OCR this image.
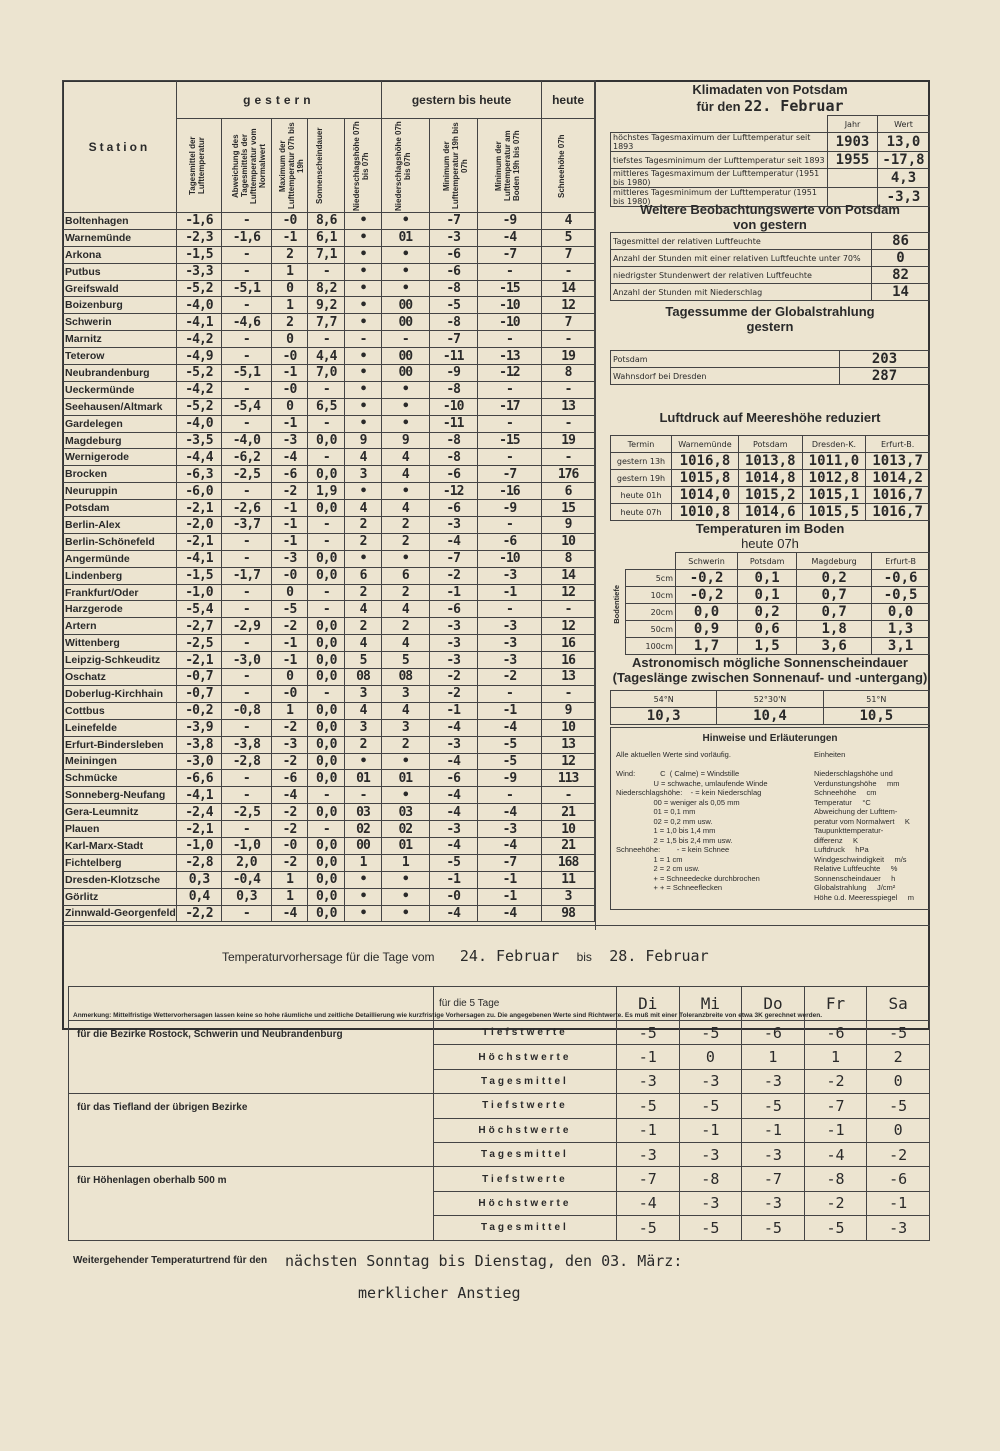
Station	gestern					gestern bis heute			heute

	Tagesmittel der Lufttemperatur	Abweichung des Tagesmittels der Lufttemperatur vom Normalwert	Maximum der Lufttemperatur 07h bis 19h	Sonnenscheindauer	Niederschlagshöhe 07h bis 07h	Niederschlagshöhe 07h bis 07h	Minimum der Lufttemperatur 19h bis 07h	Minimum der Lufttemperatur am Boden 19h bis 07h	Schneehöhe 07h

Boltenhagen	-1,6	-	-0	8,6	•	•	-7	-9	4
Warnemünde	-2,3	-1,6	-1	6,1	•	01	-3	-4	5
Arkona	-1,5	-	2	7,1	•	•	-6	-7	7
Putbus	-3,3	-	1	-	•	•	-6	-	-
Greifswald	-5,2	-5,1	0	8,2	•	•	-8	-15	14
Boizenburg	-4,0	-	1	9,2	•	00	-5	-10	12
Schwerin	-4,1	-4,6	2	7,7	•	00	-8	-10	7
Marnitz	-4,2	-	0	-	-	-	-7	-	-
Teterow	-4,9	-	-0	4,4	•	00	-11	-13	19
Neubrandenburg	-5,2	-5,1	-1	7,0	•	00	-9	-12	8
Ueckermünde	-4,2	-	-0	-	•	•	-8	-	-
Seehausen/Altmark	-5,2	-5,4	0	6,5	•	•	-10	-17	13
Gardelegen	-4,0	-	-1	-	•	•	-11	-	-
Magdeburg	-3,5	-4,0	-3	0,0	9	9	-8	-15	19
Wernigerode	-4,4	-6,2	-4	-	4	4	-8	-	-
Brocken	-6,3	-2,5	-6	0,0	3	4	-6	-7	176
Neuruppin	-6,0	-	-2	1,9	•	•	-12	-16	6
Potsdam	-2,1	-2,6	-1	0,0	4	4	-6	-9	15
Berlin-Alex	-2,0	-3,7	-1	-	2	2	-3	-	9
Berlin-Schönefeld	-2,1	-	-1	-	2	2	-4	-6	10
Angermünde	-4,1	-	-3	0,0	•	•	-7	-10	8
Lindenberg	-1,5	-1,7	-0	0,0	6	6	-2	-3	14
Frankfurt/Oder	-1,0	-	0	-	2	2	-1	-1	12
Harzgerode	-5,4	-	-5	-	4	4	-6	-	-
Artern	-2,7	-2,9	-2	0,0	2	2	-3	-3	12
Wittenberg	-2,5	-	-1	0,0	4	4	-3	-3	16
Leipzig-Schkeuditz	-2,1	-3,0	-1	0,0	5	5	-3	-3	16
Oschatz	-0,7	-	0	0,0	08	08	-2	-2	13
Doberlug-Kirchhain	-0,7	-	-0	-	3	3	-2	-	-
Cottbus	-0,2	-0,8	1	0,0	4	4	-1	-1	9
Leinefelde	-3,9	-	-2	0,0	3	3	-4	-4	10
Erfurt-Bindersleben	-3,8	-3,8	-3	0,0	2	2	-3	-5	13
Meiningen	-3,0	-2,8	-2	0,0	•	•	-4	-5	12
Schmücke	-6,6	-	-6	0,0	01	01	-6	-9	113
Sonneberg-Neufang	-4,1	-	-4	-	-	•	-4	-	-
Gera-Leumnitz	-2,4	-2,5	-2	0,0	03	03	-4	-4	21
Plauen	-2,1	-	-2	-	02	02	-3	-3	10
Karl-Marx-Stadt	-1,0	-1,0	-0	0,0	00	01	-4	-4	21
Fichtelberg	-2,8	2,0	-2	0,0	1	1	-5	-7	168
Dresden-Klotzsche	0,3	-0,4	1	0,0	•	•	-1	-1	11
Görlitz	0,4	0,3	1	0,0	•	•	-0	-1	3
Zinnwald-Georgenfeld	-2,2	-	-4	0,0	•	•	-4	-4	98
Klimadaten von Potsdam
für den 22. Februar
	Jahr	Wert
höchstes Tagesmaximum der Lufttemperatur seit 1893	1903	13,0
tiefstes Tagesminimum der Lufttemperatur seit 1893	1955	-17,8
mittleres Tagesmaximum der Lufttemperatur (1951 bis 1980)		4,3
mittleres Tagesminimum der Lufttemperatur (1951 bis 1980)		-3,3
Weitere Beobachtungswerte von Potsdam
von gestern
Tagesmittel der relativen Luftfeuchte	86
Anzahl der Stunden mit einer relativen Luftfeuchte unter 70%	0
niedrigster Stundenwert der relativen Luftfeuchte	82
Anzahl der Stunden mit Niederschlag	14
Tagessumme der Globalstrahlung
gestern
Potsdam	203
Wahnsdorf bei Dresden	287
Luftdruck auf Meereshöhe reduziert
Termin	Warnemünde	Potsdam	Dresden-K.	Erfurt-B.
gestern 13h	1016,8	1013,8	1011,0	1013,7
gestern 19h	1015,8	1014,8	1012,8	1014,2
heute 01h	1014,0	1015,2	1015,1	1016,7
heute 07h	1010,8	1014,6	1015,5	1016,7
Temperaturen im Boden
heute 07h
Bodentiefe
	Schwerin	Potsdam	Magdeburg	Erfurt-B
5cm	-0,2	0,1	0,2	-0,6
10cm	-0,2	0,1	0,7	-0,5
20cm	0,0	0,2	0,7	0,0
50cm	0,9	0,6	1,8	1,3
100cm	1,7	1,5	3,6	3,1
Astronomisch mögliche Sonnenscheindauer
(Tageslänge zwischen Sonnenauf- und -untergang)
54°N	52°30'N	51°N
10,3	10,4	10,5
Hinweise und Erläuterungen
Alle aktuellen Werte sind vorläufig.

Wind:            C  ( Calme) = Windstille
U = schwache, umlaufende Winde
Niederschlagshöhe:    - = kein Niederschlag
00 = weniger als 0,05 mm
01 = 0,1 mm
02 = 0,2 mm usw.
1 = 1,0 bis 1,4 mm
2 = 1,5 bis 2,4 mm usw.
Schneehöhe:        - = kein Schnee
1 = 1 cm
2 = 2 cm usw.
+ = Schneedecke durchbrochen
+ + = Schneeflecken
Einheiten

Niederschlagshöhe und
Verdunstungshöhe     mm
Schneehöhe     cm
Temperatur     °C
Abweichung der Lufttem-
peratur vom Normalwert     K
Taupunkttemperatur-
differenz     K
Luftdruck     hPa
Windgeschwindigkeit     m/s
Relative Luftfeuchte     %
Sonnenscheindauer     h
Globalstrahlung     J/cm²
Höhe ü.d. Meeresspiegel     m
Temperaturvorhersage für die Tage vom 24. Februar bis 28. Februar
	für die 5 Tage	Di	Mi	Do	Fr	Sa
für die Bezirke Rostock, Schwerin und Neubrandenburg	Tiefstwerte	-5	-5	-6	-6	-5
	Höchstwerte	-1	0	1	1	2
	Tagesmittel	-3	-3	-3	-2	0
für das Tiefland der übrigen Bezirke	Tiefstwerte	-5	-5	-5	-7	-5
	Höchstwerte	-1	-1	-1	-1	0
	Tagesmittel	-3	-3	-3	-4	-2
für Höhenlagen oberhalb 500 m	Tiefstwerte	-7	-8	-7	-8	-6
	Höchstwerte	-4	-3	-3	-2	-1
	Tagesmittel	-5	-5	-5	-5	-3
Weitergehender Temperaturtrend für den nächsten Sonntag bis Dienstag, den 03. März:
merklicher Anstieg
Anmerkung: Mittelfristige Wettervorhersagen lassen keine so hohe räumliche und zeitliche Detaillierung wie kurzfristige Vorhersagen zu. Die angegebenen Werte sind Richtwerte. Es muß mit einer Toleranzbreite von etwa 3K gerechnet werden.
